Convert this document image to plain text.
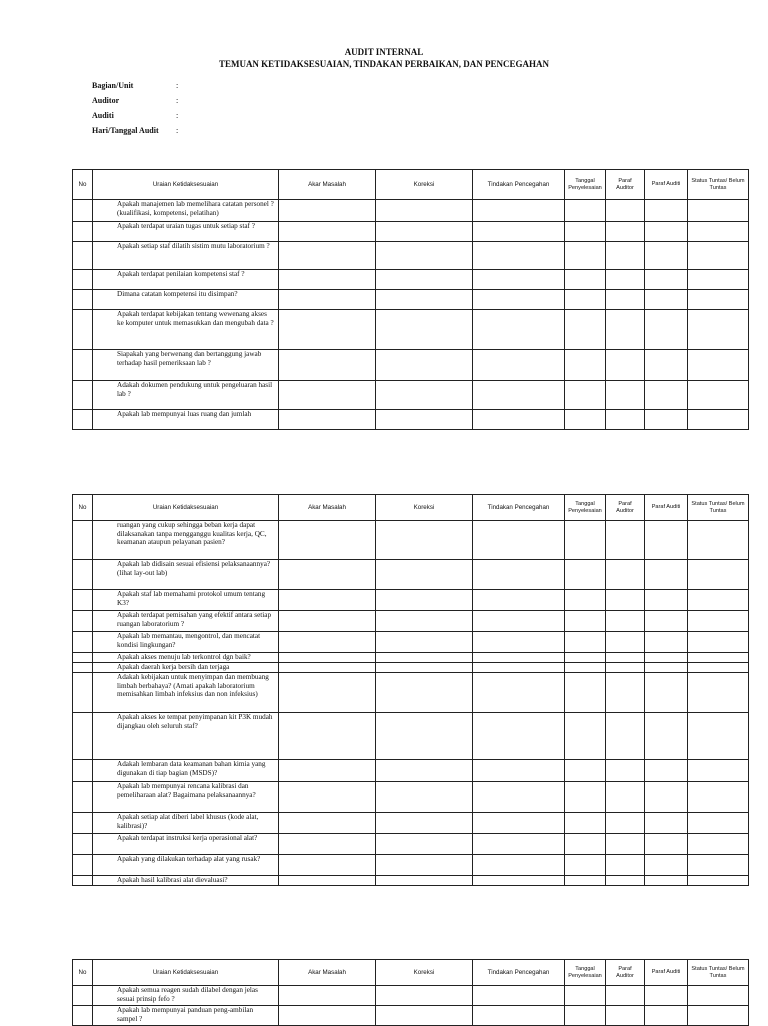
AUDIT INTERNAL
TEMUAN KETIDAKSESUAIAN, TINDAKAN PERBAIKAN, DAN PENCEGAHAN
Bagian/Unit	:
Auditor	:
Auditi	:
Hari/Tanggal Audit :
No	Uraian Ketidaksesuaian	Akar Masalah	Koreksi	Tindakan Pencegahan	Tanggal Penyelesaian	Paraf Auditor	Paraf Auditi	Status Tuntas/ Belum Tuntas
	Apakah manajemen lab memelihara catatan personel ? (kualifikasi, kompetensi, pelatihan)							
	Apakah terdapat uraian tugas untuk setiap staf ?							
	Apakah setiap staf dilatih sistim mutu laboratorium ?							
	Apakah terdapat penilaian kompetensi staf ?							
	Dimana catatan kompetensi itu disimpan?							
	Apakah terdapat kebijakan tentang wewenang akses ke komputer untuk memasukkan dan mengubah data ?							
	Siapakah yang berwenang dan bertanggung jawab terhadap hasil pemeriksaan lab ?							
	Adakah dokumen pendukung untuk pengeluaran hasil lab ?							
	Apakah lab mempunyai luas ruang dan jumlah							
No	Uraian Ketidaksesuaian	Akar Masalah	Koreksi	Tindakan Pencegahan	Tanggal Penyelesaian	Paraf Auditor	Paraf Auditi	Status Tuntas/ Belum Tuntas
	ruangan yang cukup sehingga beban kerja dapat dilaksanakan tanpa mengganggu kualitas kerja, QC, keamanan ataupun pelayanan pasien?							
	Apakah lab didisain sesuai efisiensi pelaksanaannya? (lihat lay-out lab)							
	Apakah staf lab memahami protokol umum tentang K3?							
	Apakah terdapat pemisahan yang efektif antara setiap ruangan laboratorium ?							
	Apakah lab memantau, mengontrol, dan mencatat kondisi lingkungan?							
	Apakah akses menuju lab terkontrol dgn baik?							
	Apakah daerah kerja bersih dan terjaga							
	Adakah kebijakan untuk menyimpan dan membuang limbah berbahaya? (Amati apakah laboratorium memisahkan limbah infeksius dan non infeksius)							
	Apakah akses ke tempat penyimpanan kit P3K mudah dijangkau oleh seluruh staf?							
	Adakah lembaran data keamanan bahan kimia yang digunakan di tiap bagian (MSDS)?							
	Apakah lab mempunyai rencana kalibrasi dan pemeliharaan alat? Bagaimana pelaksanaannya?							
	Apakah setiap alat diberi label khusus (kode alat, kalibrasi)?							
	Apakah terdapat instruksi kerja operasional alat?							
	Apakah yang dilakukan terhadap alat yang rusak?							
	Apakah hasil kalibrasi alat dievaluasi?							
No	Uraian Ketidaksesuaian	Akar Masalah	Koreksi	Tindakan Pencegahan	Tanggal Penyelesaian	Paraf Auditor	Paraf Auditi	Status Tuntas/ Belum Tuntas
	Apakah semua reagen sudah dilabel dengan jelas sesuai prinsip fefo ?							
	Apakah lab mempunyai panduan peng-ambilan sampel ?							
